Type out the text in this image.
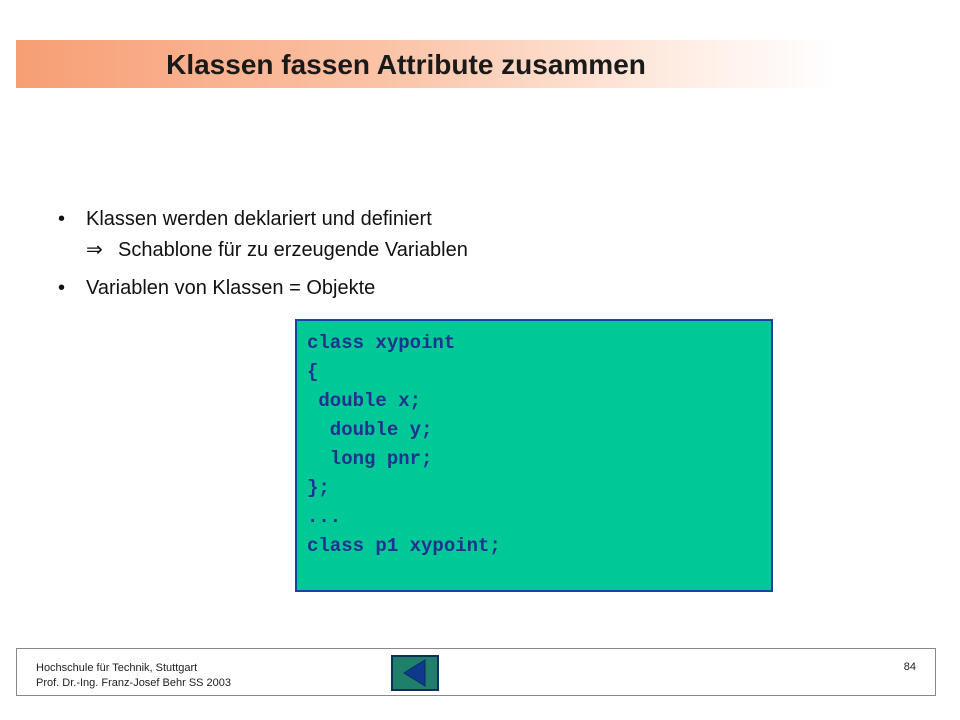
Klassen fassen Attribute zusammen
• Klassen werden deklariert und definiert
⇒ Schablone für zu erzeugende Variablen
• Variablen von Klassen = Objekte
class xypoint
{
double x;
double y;
long pnr;
};
...
class p1 xypoint;
Hochschule für Technik, Stuttgart
Prof. Dr.-Ing. Franz-Josef Behr SS 2003
84
